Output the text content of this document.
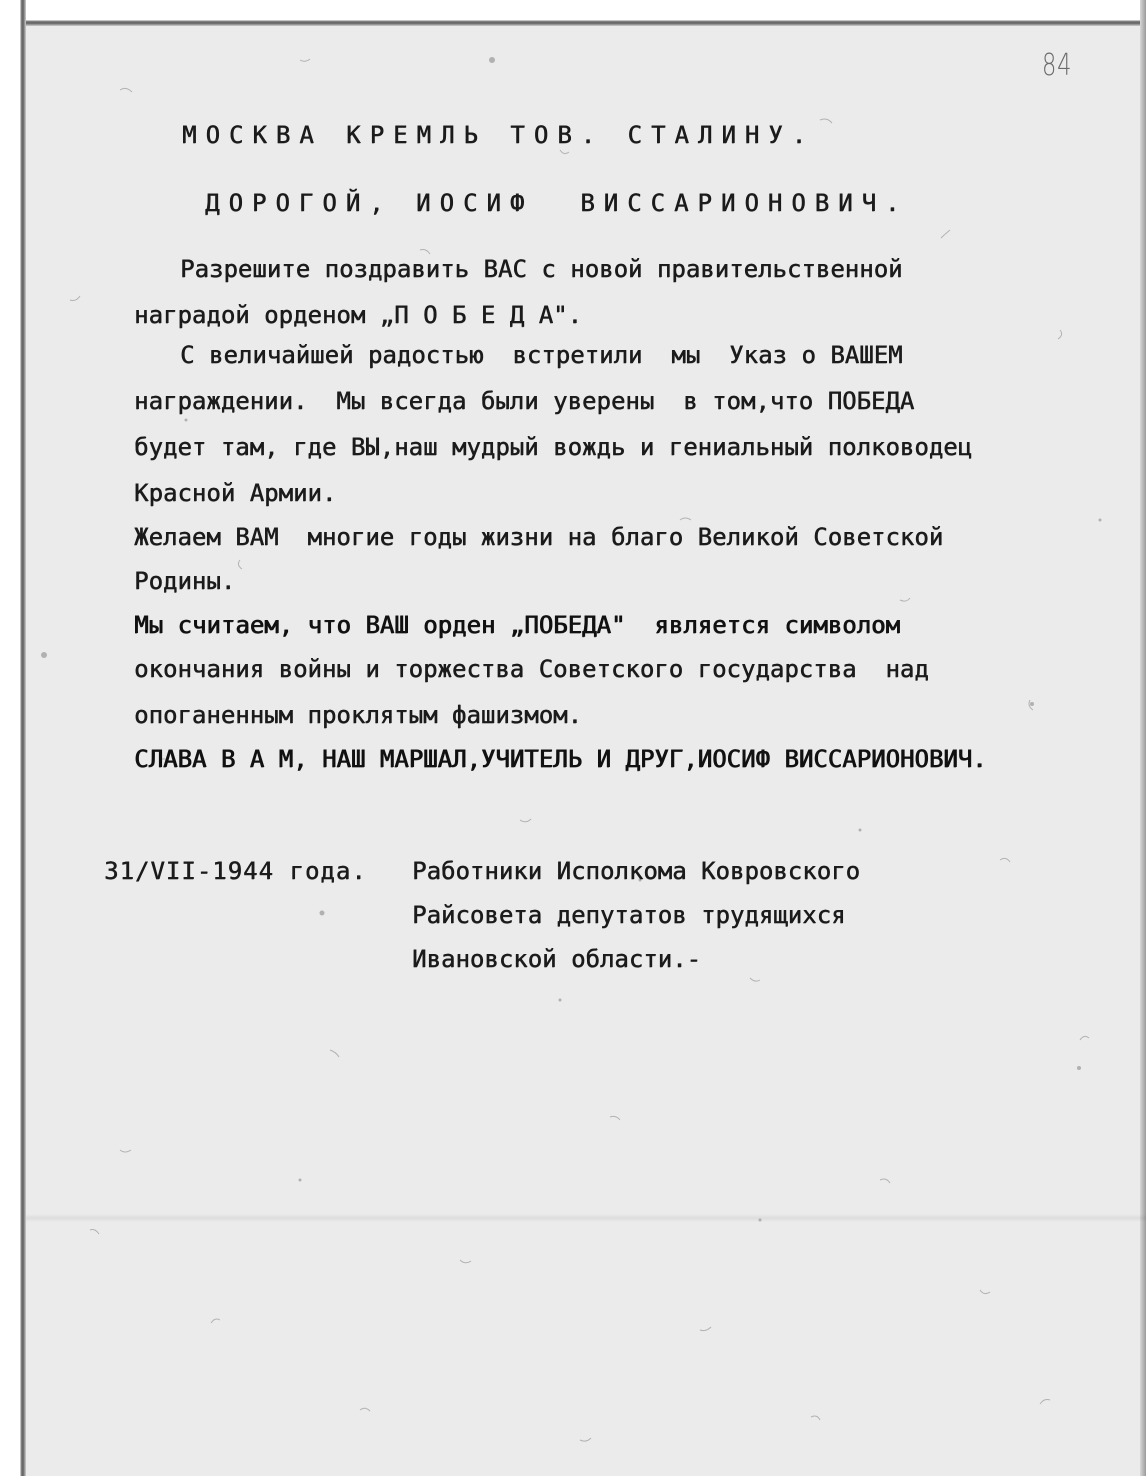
84

МОСКВА КРЕМЛЬ ТОВ. СТАЛИНУ.

ДОРОГОЙ, ИОСИФ  ВИССАРИОНОВИЧ.

Разрешите поздравить ВАС с новой правительственной

наградой орденом „П О Б Е Д А".

С величайшей радостью  встретили  мы  Указ о ВАШЕМ

награждении.  Мы всегда были уверены  в том,что ПОБЕДА

будет там, где ВЫ,наш мудрый вождь и гениальный полководец

Красной Армии.

Желаем ВАМ  многие годы жизни на благо Великой Советской

Родины.

Мы считаем, что ВАШ орден „ПОБЕДА"  является символом

окончания войны и торжества Советского государства  над

опоганенным проклятым фашизмом.

СЛАВА В А М, НАШ МАРШАЛ,УЧИТЕЛЬ И ДРУГ,ИОСИФ ВИССАРИОНОВИЧ.

31/VII-1944 года. Работники Исполкома Ковровского

Райсовета депутатов трудящихся

Ивановской области.-
